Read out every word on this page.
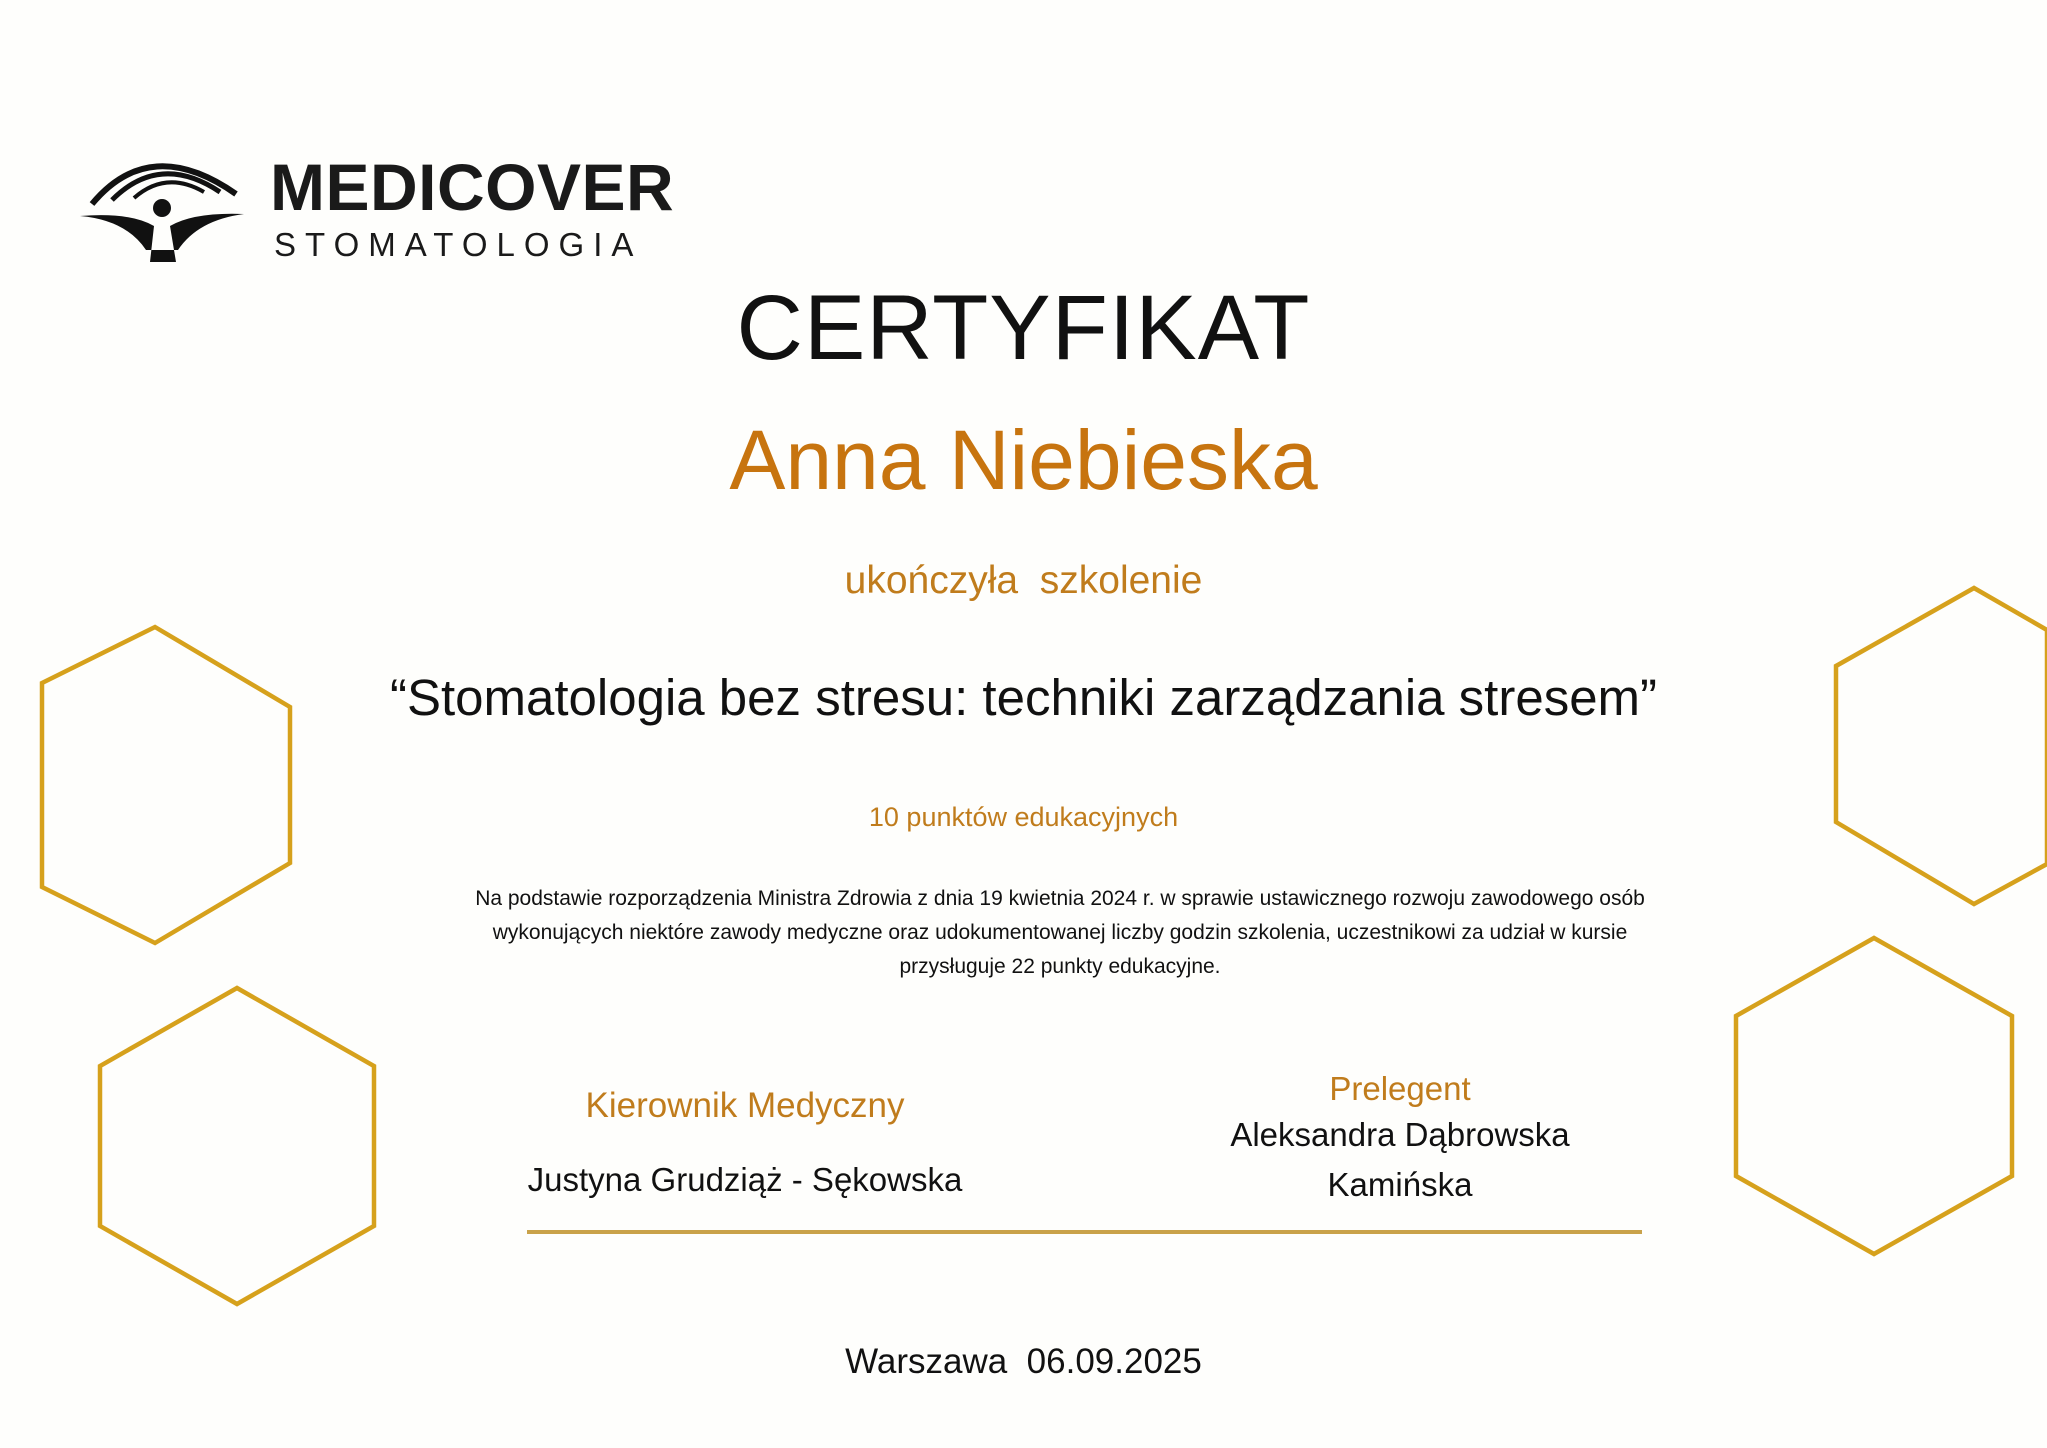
MEDICOVER
STOMATOLOGIA
CERTYFIKAT
Anna Niebieska
ukończyła  szkolenie
“Stomatologia bez stresu: techniki zarządzania stresem”
10 punktów edukacyjnych
Na podstawie rozporządzenia Ministra Zdrowia z dnia 19 kwietnia 2024 r. w sprawie ustawicznego rozwoju zawodowego osób wykonujących niektóre zawody medyczne oraz udokumentowanej liczby godzin szkolenia, uczestnikowi za udział w kursie przysługuje 22 punkty edukacyjne.
Kierownik Medyczny
Justyna Grudziąż - Sękowska
Prelegent
Aleksandra Dąbrowska Kamińska
Warszawa  06.09.2025
